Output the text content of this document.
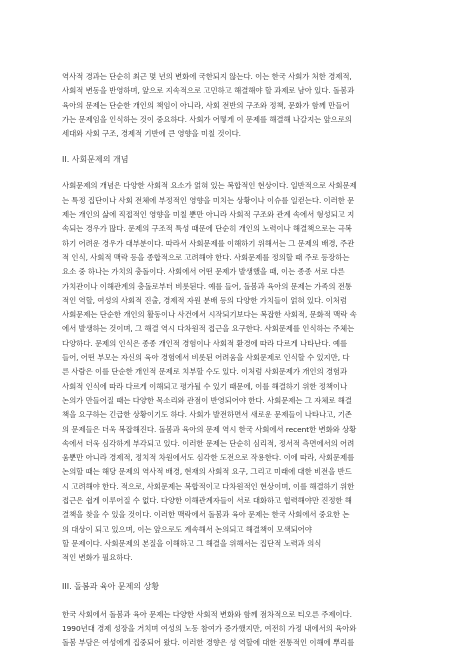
역사적 경과는 단순히 최근 몇 년의 변화에 국한되지 않는다. 이는 한국 사회가 처한 경제적,

사회적 변동을 반영하며, 앞으로 지속적으로 고민하고 해결해야 할 과제로 남아 있다. 돌봄과

육아의 문제는 단순한 개인의 책임이 아니라, 사회 전반의 구조와 정책, 문화가 함께 만들어

가는 문제임을 인식하는 것이 중요하다. 사회가 어떻게 이 문제를 해결해 나갈지는 앞으로의

세대와 사회 구조, 경제적 기반에 큰 영향을 미칠 것이다.

II. 사회문제의 개념

사회문제의 개념은 다양한 사회적 요소가 얽혀 있는 복합적인 현상이다. 일반적으로 사회문제

는 특정 집단이나 사회 전체에 부정적인 영향을 미치는 상황이나 이슈를 일컫는다. 이러한 문

제는 개인의 삶에 직접적인 영향을 미칠 뿐만 아니라 사회적 구조와 관계 속에서 형성되고 지

속되는 경우가 많다. 문제의 구조적 특성 때문에 단순히 개인의 노력이나 해결책으로는 극복

하기 어려운 경우가 대부분이다. 따라서 사회문제를 이해하기 위해서는 그 문제의 배경, 주관

적 인식, 사회적 맥락 등을 종합적으로 고려해야 한다. 사회문제를 정의할 때 주로 등장하는

요소 중 하나는 가치의 충돌이다. 사회에서 어떤 문제가 발생했을 때, 이는 종종 서로 다른

가치관이나 이해관계의 충돌로부터 비롯된다. 예를 들어, 돌봄과 육아의 문제는 가족의 전통

적인 역할, 여성의 사회적 진출, 경제적 자원 분배 등의 다양한 가치들이 얽혀 있다. 이처럼

사회문제는 단순한 개인의 활동이나 사건에서 시작되기보다는 복잡한 사회적, 문화적 맥락 속

에서 발생하는 것이며, 그 해결 역시 다차원적 접근을 요구한다. 사회문제를 인식하는 주체는

다양하다. 문제의 인식은 종종 개인적 경험이나 사회적 환경에 따라 다르게 나타난다. 예를

들어, 어떤 부모는 자신의 육아 경험에서 비롯된 어려움을 사회문제로 인식할 수 있지만, 다

른 사람은 이를 단순한 개인적 문제로 치부할 수도 있다. 이처럼 사회문제가 개인의 경험과

사회적 인식에 따라 다르게 이해되고 평가될 수 있기 때문에, 이를 해결하기 위한 정책이나

논의가 만들어질 때는 다양한 목소리와 관점이 반영되어야 한다. 사회문제는 그 자체로 해결

책을 요구하는 긴급한 상황이기도 하다. 사회가 발전하면서 새로운 문제들이 나타나고, 기존

의 문제들은 더욱 복잡해진다. 돌봄과 육아의 문제 역시 한국 사회에서 recent한 변화와 상황

속에서 더욱 심각하게 부각되고 있다. 이러한 문제는 단순히 심리적, 정서적 측면에서의 어려

움뿐만 아니라 경제적, 정치적 차원에서도 심각한 도전으로 작용한다. 이에 따라, 사회문제를

논의할 때는 해당 문제의 역사적 배경, 현재의 사회적 요구, 그리고 미래에 대한 비전을 반드

시 고려해야 한다. 적으로, 사회문제는 복합적이고 다차원적인 현상이며, 이를 해결하기 위한

접근은 쉽게 이루어질 수 없다. 다양한 이해관계자들이 서로 대화하고 협력해야만 진정한 해

결책을 찾을 수 있을 것이다. 이러한 맥락에서 돌봄과 육아 문제는 한국 사회에서 중요한 논

의 대상이 되고 있으며, 이는 앞으로도 계속해서 논의되고 해결책이 모색되어야

할 문제이다. 사회문제의 본질을 이해하고 그 해결을 위해서는 집단적 노력과 의식

적인 변화가 필요하다.

III. 돌봄과 육아 문제의 상황

한국 사회에서 돌봄과 육아 문제는 다양한 사회적 변화와 함께 점차적으로 티오른 주제이다.

1990년대 경제 성장을 거치며 여성의 노동 참여가 증가했지만, 여전히 가정 내에서의 육아와

돌봄 부담은 여성에게 집중되어 왔다. 이러한 경향은 성 역할에 대한 전통적인 이해에 뿌리를
